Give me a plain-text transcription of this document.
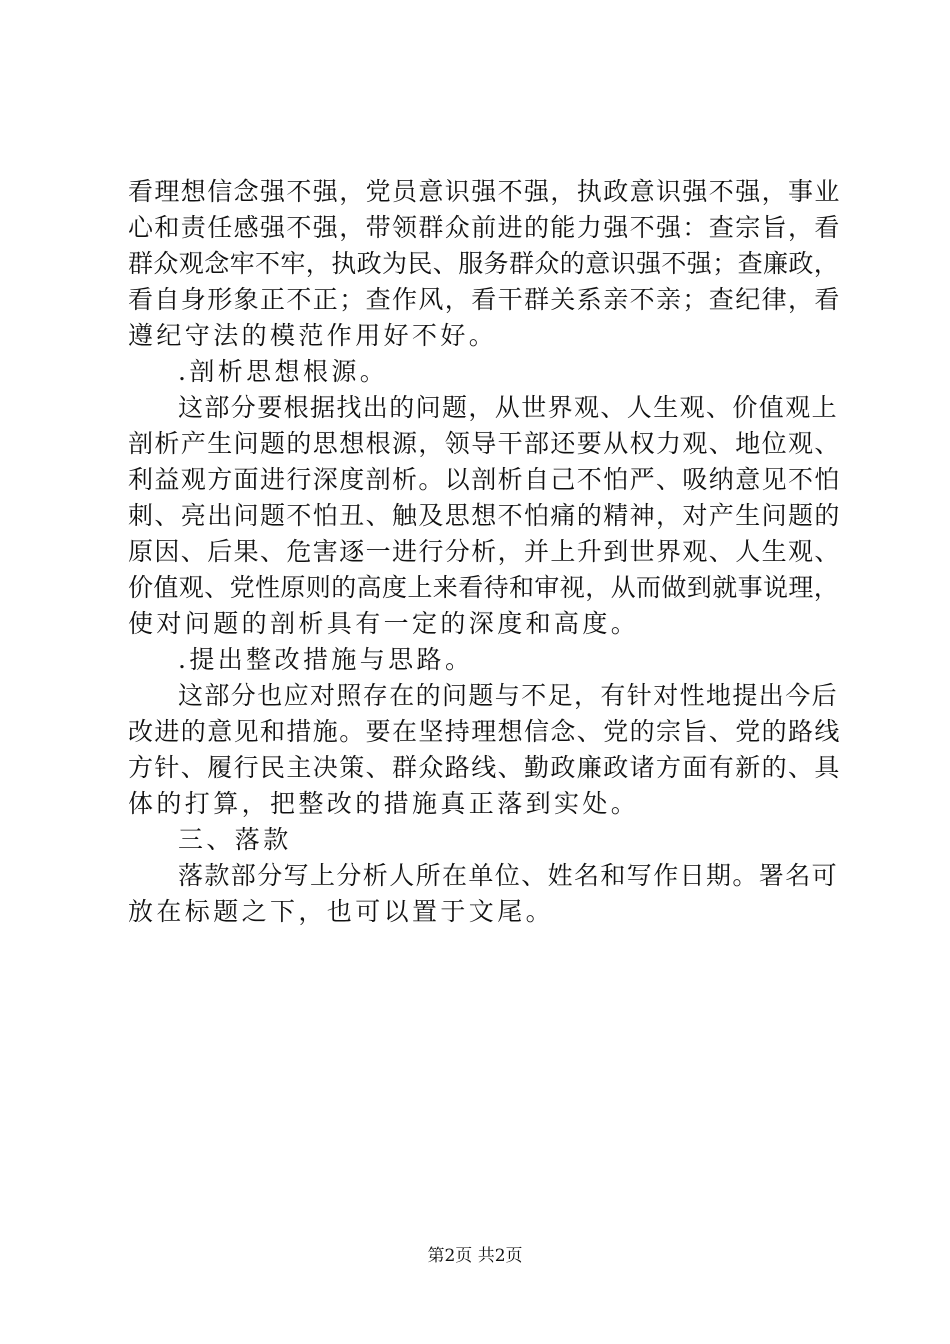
看理想信念强不强，党员意识强不强，执政意识强不强，事业
心和责任感强不强，带领群众前进的能力强不强：查宗旨，看
群众观念牢不牢，执政为民、服务群众的意识强不强；查廉政，
看自身形象正不正；查作风，看干群关系亲不亲；查纪律，看
遵纪守法的模范作用好不好。
.剖析思想根源。
这部分要根据找出的问题，从世界观、人生观、价值观上
剖析产生问题的思想根源，领导干部还要从权力观、地位观、
利益观方面进行深度剖析。以剖析自己不怕严、吸纳意见不怕
刺、亮出问题不怕丑、触及思想不怕痛的精神，对产生问题的
原因、后果、危害逐一进行分析，并上升到世界观、人生观、
价值观、党性原则的高度上来看待和审视，从而做到就事说理，
使对问题的剖析具有一定的深度和高度。
.提出整改措施与思路。
这部分也应对照存在的问题与不足，有针对性地提出今后
改进的意见和措施。要在坚持理想信念、党的宗旨、党的路线
方针、履行民主决策、群众路线、勤政廉政诸方面有新的、具
体的打算，把整改的措施真正落到实处。
三、落款
落款部分写上分析人所在单位、姓名和写作日期。署名可
放在标题之下，也可以置于文尾。
第2页 共2页
